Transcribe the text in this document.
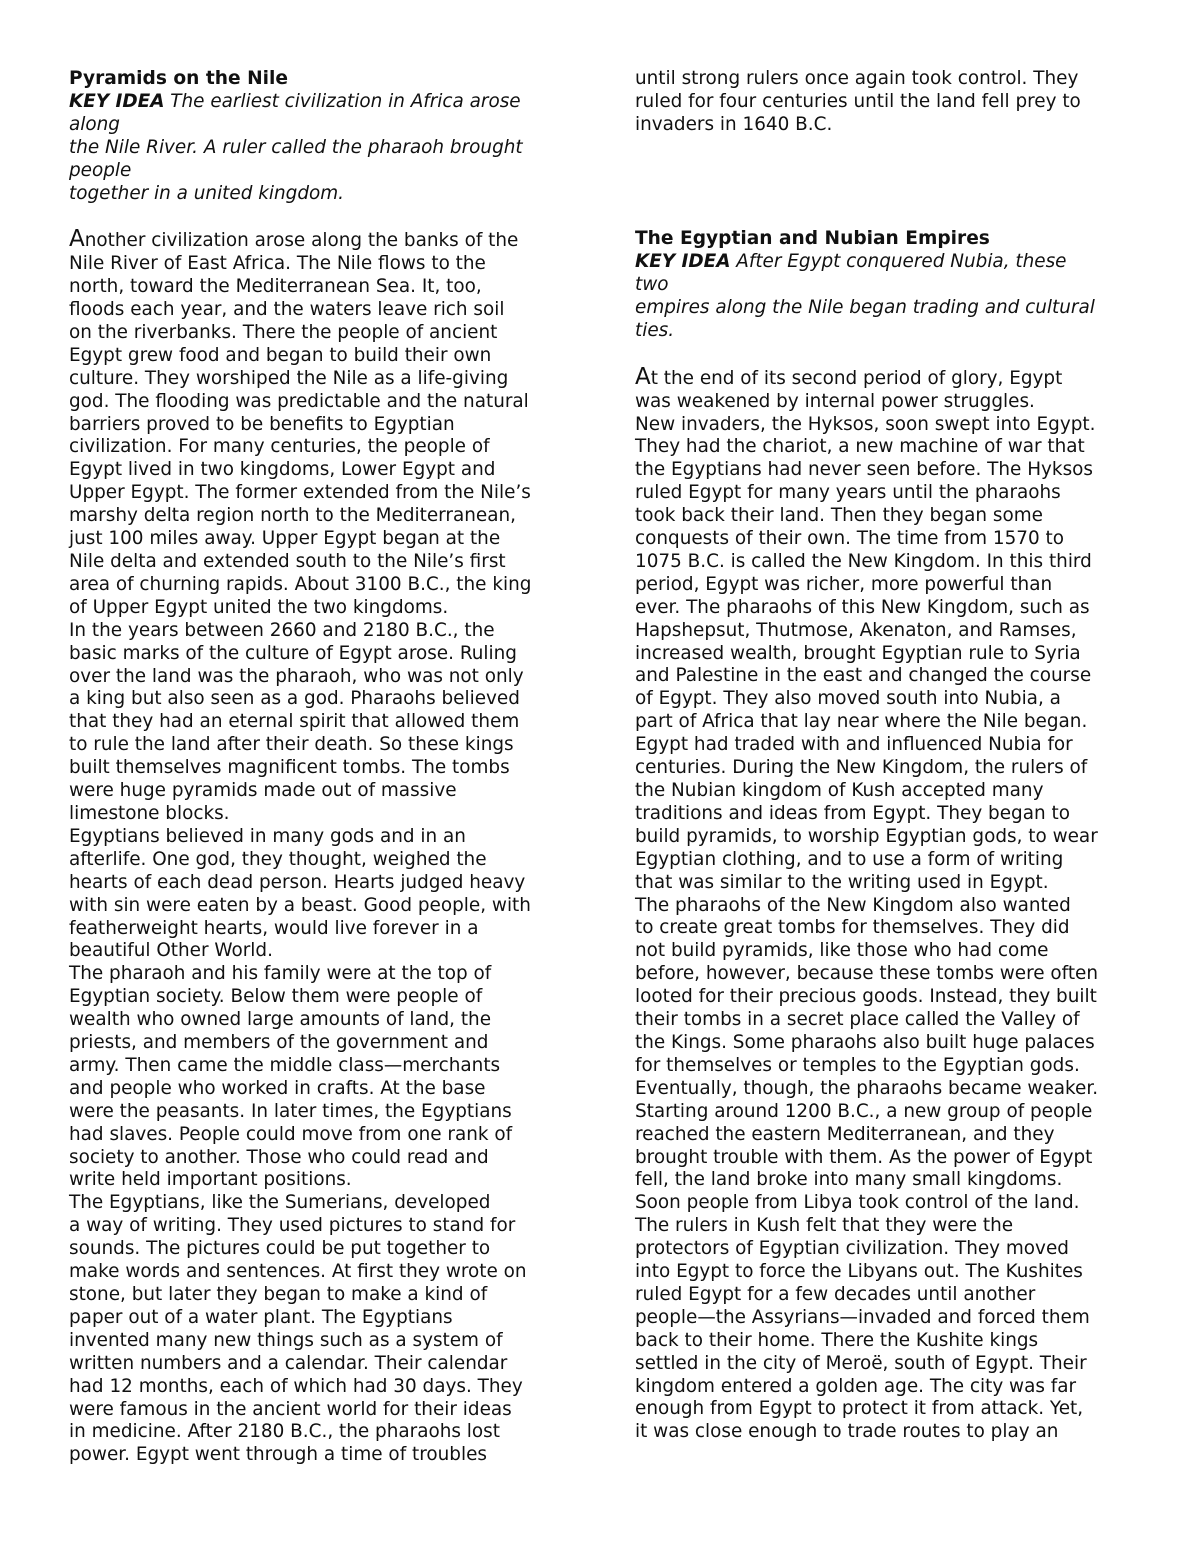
Pyramids on the Nile
KEY IDEA The earliest civilization in Africa arose
along
the Nile River. A ruler called the pharaoh brought
people
together in a united kingdom.
Another civilization arose along the banks of the
Nile River of East Africa. The Nile flows to the
north, toward the Mediterranean Sea. It, too,
floods each year, and the waters leave rich soil
on the riverbanks. There the people of ancient
Egypt grew food and began to build their own
culture. They worshiped the Nile as a life-giving
god. The flooding was predictable and the natural
barriers proved to be benefits to Egyptian
civilization. For many centuries, the people of
Egypt lived in two kingdoms, Lower Egypt and
Upper Egypt. The former extended from the Nile’s
marshy delta region north to the Mediterranean,
just 100 miles away. Upper Egypt began at the
Nile delta and extended south to the Nile’s first
area of churning rapids. About 3100 B.C., the king
of Upper Egypt united the two kingdoms.
In the years between 2660 and 2180 B.C., the
basic marks of the culture of Egypt arose. Ruling
over the land was the pharaoh, who was not only
a king but also seen as a god. Pharaohs believed
that they had an eternal spirit that allowed them
to rule the land after their death. So these kings
built themselves magnificent tombs. The tombs
were huge pyramids made out of massive
limestone blocks.
Egyptians believed in many gods and in an
afterlife. One god, they thought, weighed the
hearts of each dead person. Hearts judged heavy
with sin were eaten by a beast. Good people, with
featherweight hearts, would live forever in a
beautiful Other World.
The pharaoh and his family were at the top of
Egyptian society. Below them were people of
wealth who owned large amounts of land, the
priests, and members of the government and
army. Then came the middle class—merchants
and people who worked in crafts. At the base
were the peasants. In later times, the Egyptians
had slaves. People could move from one rank of
society to another. Those who could read and
write held important positions.
The Egyptians, like the Sumerians, developed
a way of writing. They used pictures to stand for
sounds. The pictures could be put together to
make words and sentences. At first they wrote on
stone, but later they began to make a kind of
paper out of a water plant. The Egyptians
invented many new things such as a system of
written numbers and a calendar. Their calendar
had 12 months, each of which had 30 days. They
were famous in the ancient world for their ideas
in medicine. After 2180 B.C., the pharaohs lost
power. Egypt went through a time of troubles
until strong rulers once again took control. They
ruled for four centuries until the land fell prey to
invaders in 1640 B.C.
The Egyptian and Nubian Empires
KEY IDEA After Egypt conquered Nubia, these
two
empires along the Nile began trading and cultural
ties.
At the end of its second period of glory, Egypt
was weakened by internal power struggles.
New invaders, the Hyksos, soon swept into Egypt.
They had the chariot, a new machine of war that
the Egyptians had never seen before. The Hyksos
ruled Egypt for many years until the pharaohs
took back their land. Then they began some
conquests of their own. The time from 1570 to
1075 B.C. is called the New Kingdom. In this third
period, Egypt was richer, more powerful than
ever. The pharaohs of this New Kingdom, such as
Hapshepsut, Thutmose, Akenaton, and Ramses,
increased wealth, brought Egyptian rule to Syria
and Palestine in the east and changed the course
of Egypt. They also moved south into Nubia, a
part of Africa that lay near where the Nile began.
Egypt had traded with and influenced Nubia for
centuries. During the New Kingdom, the rulers of
the Nubian kingdom of Kush accepted many
traditions and ideas from Egypt. They began to
build pyramids, to worship Egyptian gods, to wear
Egyptian clothing, and to use a form of writing
that was similar to the writing used in Egypt.
The pharaohs of the New Kingdom also wanted
to create great tombs for themselves. They did
not build pyramids, like those who had come
before, however, because these tombs were often
looted for their precious goods. Instead, they built
their tombs in a secret place called the Valley of
the Kings. Some pharaohs also built huge palaces
for themselves or temples to the Egyptian gods.
Eventually, though, the pharaohs became weaker.
Starting around 1200 B.C., a new group of people
reached the eastern Mediterranean, and they
brought trouble with them. As the power of Egypt
fell, the land broke into many small kingdoms.
Soon people from Libya took control of the land.
The rulers in Kush felt that they were the
protectors of Egyptian civilization. They moved
into Egypt to force the Libyans out. The Kushites
ruled Egypt for a few decades until another
people—the Assyrians—invaded and forced them
back to their home. There the Kushite kings
settled in the city of Meroë, south of Egypt. Their
kingdom entered a golden age. The city was far
enough from Egypt to protect it from attack. Yet,
it was close enough to trade routes to play an
